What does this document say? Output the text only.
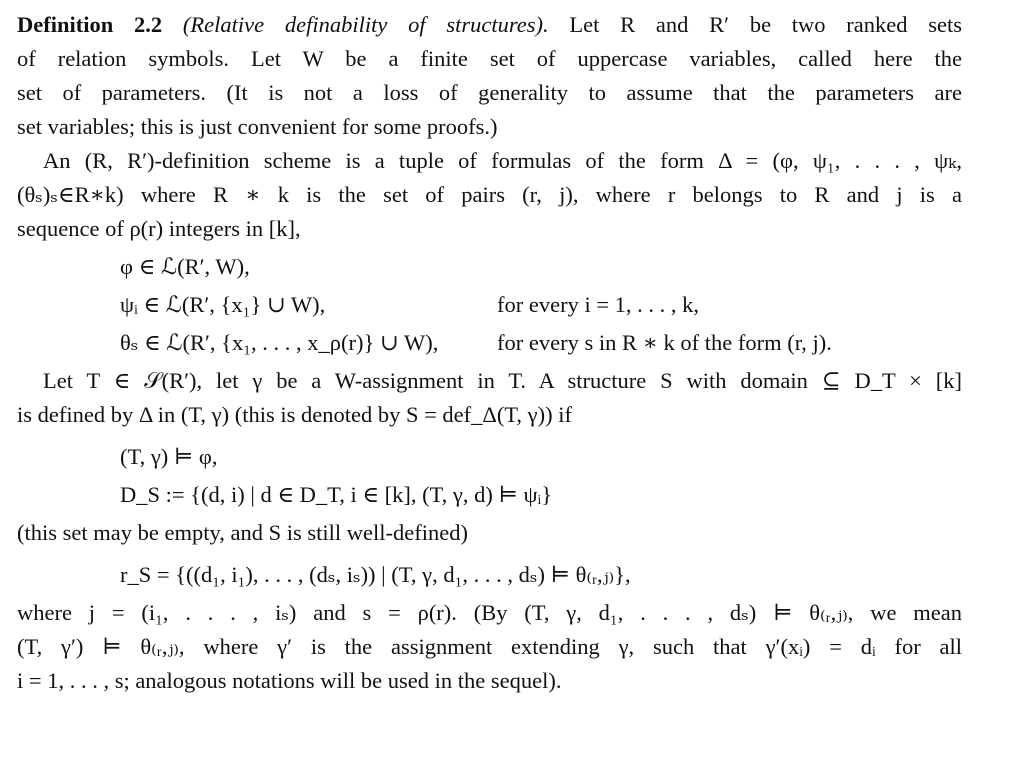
Definition 2.2 (Relative definability of structures). Let R and R′ be two ranked sets
of relation symbols. Let W be a finite set of uppercase variables, called here the
set of parameters. (It is not a loss of generality to assume that the parameters are
set variables; this is just convenient for some proofs.)
An (R, R′)-definition scheme is a tuple of formulas of the form Δ = (φ, ψ₁, . . . , ψₖ,
(θₛ)ₛ∈R∗k) where R ∗ k is the set of pairs (r, j), where r belongs to R and j is a
sequence of ρ(r) integers in [k],
φ ∈ ℒ(R′, W),
ψᵢ ∈ ℒ(R′, {x₁} ∪ W),	for every i = 1, . . . , k,
θₛ ∈ ℒ(R′, {x₁, . . . , x_ρ(r)} ∪ W),	for every s in R ∗ k of the form (r, j).
Let T ∈ 𝒮(R′), let γ be a W-assignment in T. A structure S with domain ⊆ D_T × [k]
is defined by Δ in (T, γ) (this is denoted by S = def_Δ(T, γ)) if
(T, γ) ⊨ φ,
D_S := {(d, i) | d ∈ D_T, i ∈ [k], (T, γ, d) ⊨ ψᵢ}
(this set may be empty, and S is still well-defined)
r_S = {((d₁, i₁), . . . , (dₛ, iₛ)) | (T, γ, d₁, . . . , dₛ) ⊨ θ₍ᵣ,ⱼ₎},
where j = (i₁, . . . , iₛ) and s = ρ(r). (By (T, γ, d₁, . . . , dₛ) ⊨ θ₍ᵣ,ⱼ₎, we mean
(T, γ′) ⊨ θ₍ᵣ,ⱼ₎, where γ′ is the assignment extending γ, such that γ′(xᵢ) = dᵢ for all
i = 1, . . . , s; analogous notations will be used in the sequel).
